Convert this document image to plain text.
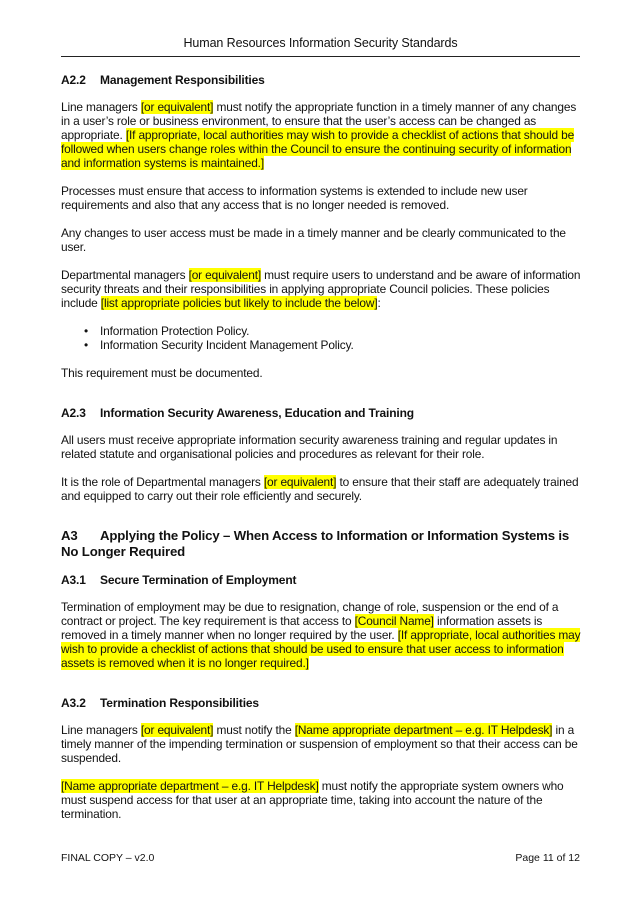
Human Resources Information Security Standards
A2.2 Management Responsibilities

Line managers [or equivalent] must notify the appropriate function in a timely manner of any changes in a user’s role or business environment, to ensure that the user’s access can be changed as appropriate. [If appropriate, local authorities may wish to provide a checklist of actions that should be followed when users change roles within the Council to ensure the continuing security of information and information systems is maintained.]

Processes must ensure that access to information systems is extended to include new user requirements and also that any access that is no longer needed is removed.

Any changes to user access must be made in a timely manner and be clearly communicated to the user.

Departmental managers [or equivalent] must require users to understand and be aware of information security threats and their responsibilities in applying appropriate Council policies. These policies include [list appropriate policies but likely to include the below]:

• Information Protection Policy.
• Information Security Incident Management Policy.

This requirement must be documented.

A2.3 Information Security Awareness, Education and Training

All users must receive appropriate information security awareness training and regular updates in related statute and organisational policies and procedures as relevant for their role.

It is the role of Departmental managers [or equivalent] to ensure that their staff are adequately trained and equipped to carry out their role efficiently and securely.

A3 Applying the Policy – When Access to Information or Information Systems is No Longer Required
A3.1 Secure Termination of Employment

Termination of employment may be due to resignation, change of role, suspension or the end of a contract or project. The key requirement is that access to [Council Name] information assets is removed in a timely manner when no longer required by the user. [If appropriate, local authorities may wish to provide a checklist of actions that should be used to ensure that user access to information assets is removed when it is no longer required.]

A3.2 Termination Responsibilities

Line managers [or equivalent] must notify the [Name appropriate department – e.g. IT Helpdesk] in a timely manner of the impending termination or suspension of employment so that their access can be suspended.

[Name appropriate department – e.g. IT Helpdesk] must notify the appropriate system owners who must suspend access for that user at an appropriate time, taking into account the nature of the termination.

FINAL COPY – v2.0	Page 11 of 12
